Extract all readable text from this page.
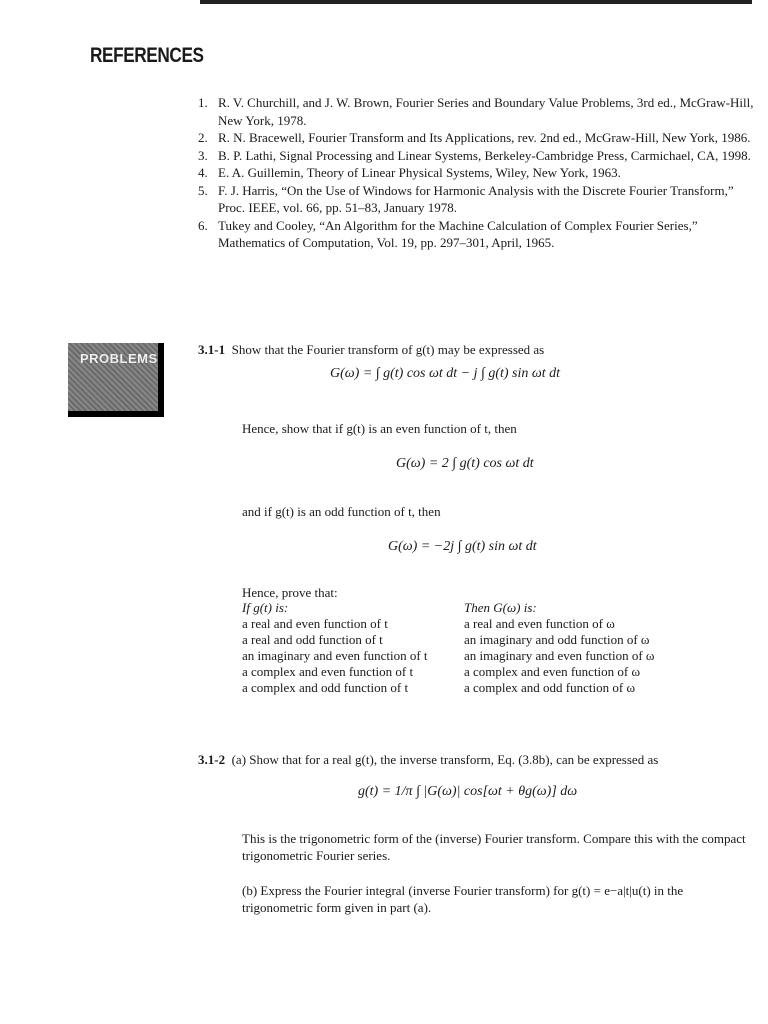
REFERENCES
1. R. V. Churchill, and J. W. Brown, Fourier Series and Boundary Value Problems, 3rd ed., McGraw-Hill, New York, 1978.
2. R. N. Bracewell, Fourier Transform and Its Applications, rev. 2nd ed., McGraw-Hill, New York, 1986.
3. B. P. Lathi, Signal Processing and Linear Systems, Berkeley-Cambridge Press, Carmichael, CA, 1998.
4. E. A. Guillemin, Theory of Linear Physical Systems, Wiley, New York, 1963.
5. F. J. Harris, “On the Use of Windows for Harmonic Analysis with the Discrete Fourier Transform,” Proc. IEEE, vol. 66, pp. 51–83, January 1978.
6. Tukey and Cooley, “An Algorithm for the Machine Calculation of Complex Fourier Series,” Mathematics of Computation, Vol. 19, pp. 297–301, April, 1965.
PROBLEMS
3.1-1 Show that the Fourier transform of g(t) may be expressed as
G(ω) = ∫ g(t) cos ωt dt − j ∫ g(t) sin ωt dt
Hence, show that if g(t) is an even function of t, then
G(ω) = 2 ∫ g(t) cos ωt dt
and if g(t) is an odd function of t, then
G(ω) = −2j ∫ g(t) sin ωt dt
Hence, prove that:
If g(t) is:
a real and even function of t
a real and odd function of t
an imaginary and even function of t
a complex and even function of t
a complex and odd function of t
Then G(ω) is:
a real and even function of ω
an imaginary and odd function of ω
an imaginary and even function of ω
a complex and even function of ω
a complex and odd function of ω
3.1-2 (a) Show that for a real g(t), the inverse transform, Eq. (3.8b), can be expressed as
g(t) = 1/π ∫ |G(ω)| cos[ωt + θg(ω)] dω
This is the trigonometric form of the (inverse) Fourier transform. Compare this with the compact trigonometric Fourier series.
(b) Express the Fourier integral (inverse Fourier transform) for g(t) = e−a|t|u(t) in the trigonometric form given in part (a).
